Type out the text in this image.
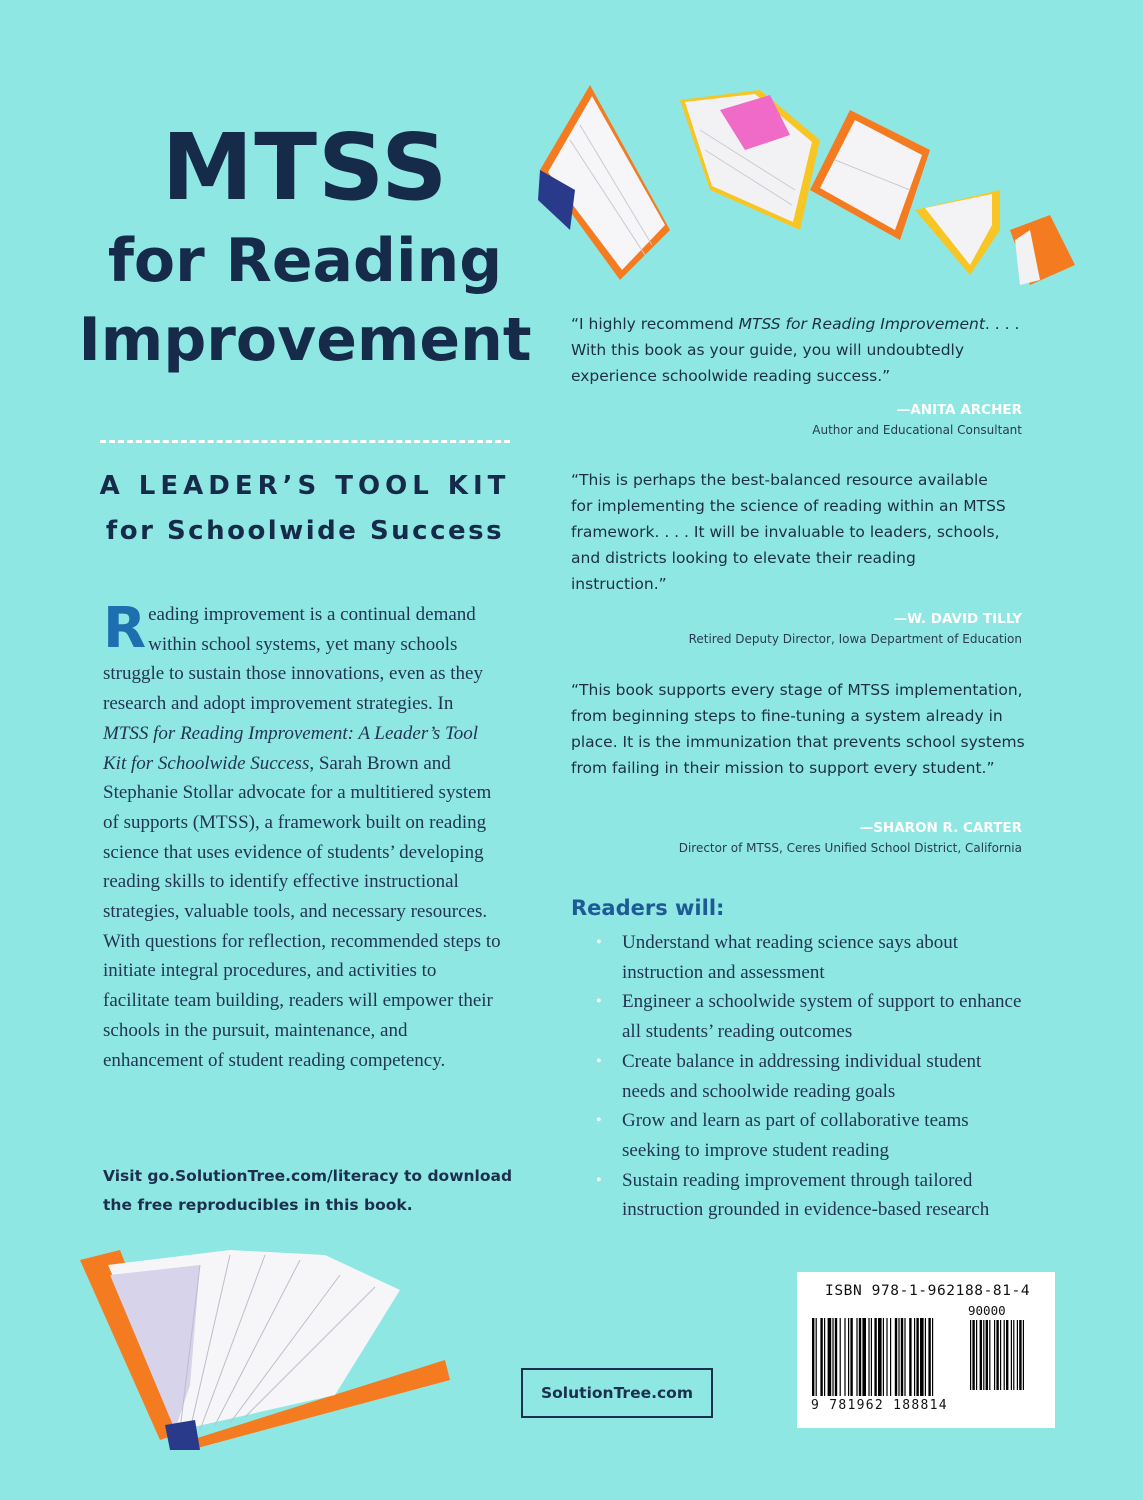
MTSS
for Reading
Improvement
A LEADER’S TOOL KIT
for Schoolwide Success
Reading improvement is a continual demand within school systems, yet many schools struggle to sustain those innovations, even as they research and adopt improvement strategies. In MTSS for Reading Improvement: A Leader’s Tool Kit for Schoolwide Success, Sarah Brown and Stephanie Stollar advocate for a multitiered system of supports (MTSS), a framework built on reading science that uses evidence of students’ developing reading skills to identify effective instructional strategies, valuable tools, and necessary resources. With questions for reflection, recommended steps to initiate integral procedures, and activities to facilitate team building, readers will empower their schools in the pursuit, maintenance, and enhancement of student reading competency.
Visit go.SolutionTree.com/literacy to download the free reproducibles in this book.
“I highly recommend MTSS for Reading Improvement. . . . With this book as your guide, you will undoubtedly experience schoolwide reading success.”
—ANITA ARCHER
Author and Educational Consultant
“This is perhaps the best-balanced resource available for implementing the science of reading within an MTSS framework. . . . It will be invaluable to leaders, schools, and districts looking to elevate their reading instruction.”
—W. DAVID TILLY
Retired Deputy Director, Iowa Department of Education
“This book supports every stage of MTSS implementation, from beginning steps to fine-tuning a system already in place. It is the immunization that prevents school systems from failing in their mission to support every student.”
—SHARON R. CARTER
Director of MTSS, Ceres Unified School District, California
Readers will:
• Understand what reading science says about instruction and assessment
• Engineer a schoolwide system of support to enhance all students’ reading outcomes
• Create balance in addressing individual student needs and schoolwide reading goals
• Grow and learn as part of collaborative teams seeking to improve student reading
• Sustain reading improvement through tailored instruction grounded in evidence-based research
SolutionTree.com
ISBN 978-1-962188-81-4
90000
9 781962 188814
